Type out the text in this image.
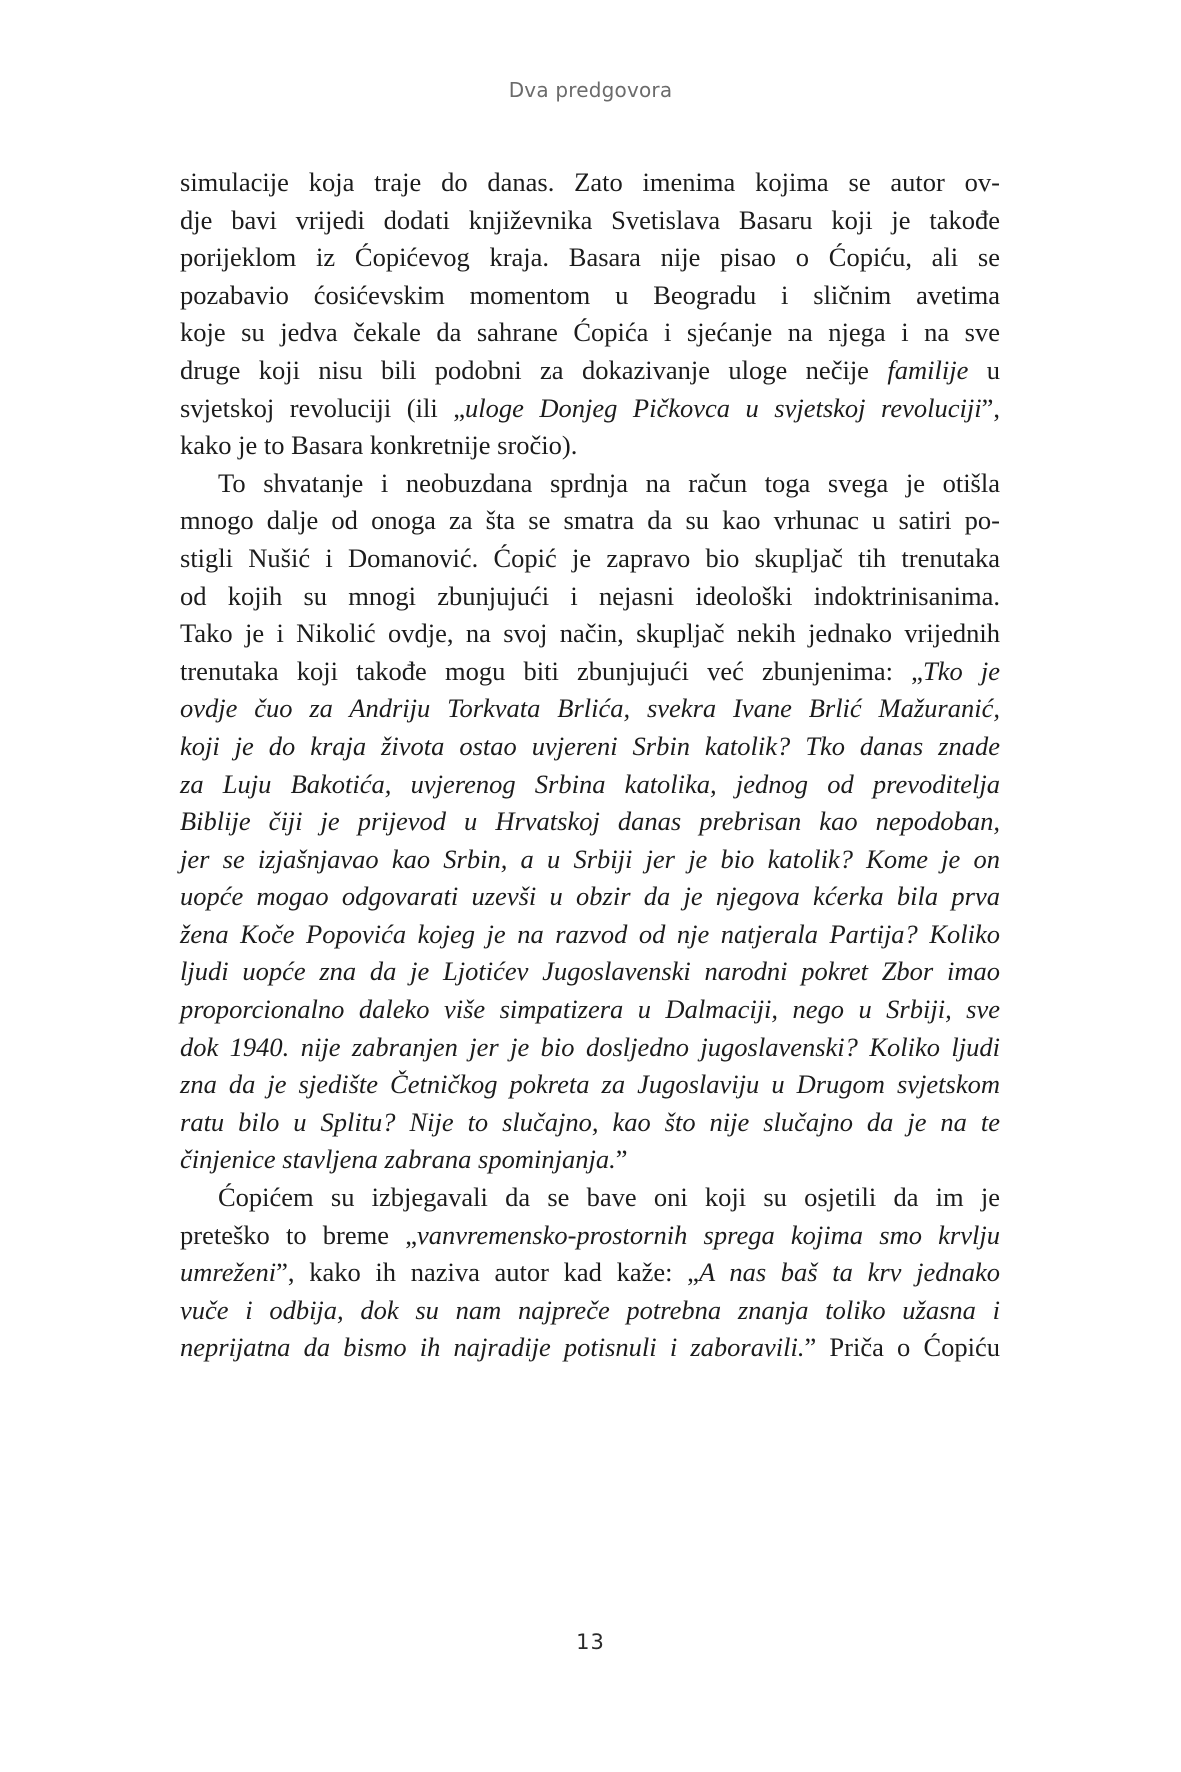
Dva predgovora
simulacije koja traje do danas. Zato imenima kojima se autor ov-
dje bavi vrijedi dodati književnika Svetislava Basaru koji je takođe
porijeklom iz Ćopićevog kraja. Basara nije pisao o Ćopiću, ali se
pozabavio ćosićevskim momentom u Beogradu i sličnim avetima
koje su jedva čekale da sahrane Ćopića i sjećanje na njega i na sve
druge koji nisu bili podobni za dokazivanje uloge nečije familije u
svjetskoj revoluciji (ili „uloge Donjeg Pičkovca u svjetskoj revoluciji”,
kako je to Basara konkretnije sročio).
To shvatanje i neobuzdana sprdnja na račun toga svega je otišla
mnogo dalje od onoga za šta se smatra da su kao vrhunac u satiri po-
stigli Nušić i Domanović. Ćopić je zapravo bio skupljač tih trenutaka
od kojih su mnogi zbunjujući i nejasni ideološki indoktrinisanima.
Tako je i Nikolić ovdje, na svoj način, skupljač nekih jednako vrijednih
trenutaka koji takođe mogu biti zbunjujući već zbunjenima: „Tko je
ovdje čuo za Andriju Torkvata Brlića, svekra Ivane Brlić Mažuranić,
koji je do kraja života ostao uvjereni Srbin katolik? Tko danas znade
za Luju Bakotića, uvjerenog Srbina katolika, jednog od prevoditelja
Biblije čiji je prijevod u Hrvatskoj danas prebrisan kao nepodoban,
jer se izjašnjavao kao Srbin, a u Srbiji jer je bio katolik? Kome je on
uopće mogao odgovarati uzevši u obzir da je njegova kćerka bila prva
žena Koče Popovića kojeg je na razvod od nje natjerala Partija? Koliko
ljudi uopće zna da je Ljotićev Jugoslavenski narodni pokret Zbor imao
proporcionalno daleko više simpatizera u Dalmaciji, nego u Srbiji, sve
dok 1940. nije zabranjen jer je bio dosljedno jugoslavenski? Koliko ljudi
zna da je sjedište Četničkog pokreta za Jugoslaviju u Drugom svjetskom
ratu bilo u Splitu? Nije to slučajno, kao što nije slučajno da je na te
činjenice stavljena zabrana spominjanja.”
Ćopićem su izbjegavali da se bave oni koji su osjetili da im je
preteško to breme „vanvremensko-prostornih sprega kojima smo krvlju
umreženi”, kako ih naziva autor kad kaže: „A nas baš ta krv jednako
vuče i odbija, dok su nam najpreče potrebna znanja toliko užasna i
neprijatna da bismo ih najradije potisnuli i zaboravili.” Priča o Ćopiću
13
